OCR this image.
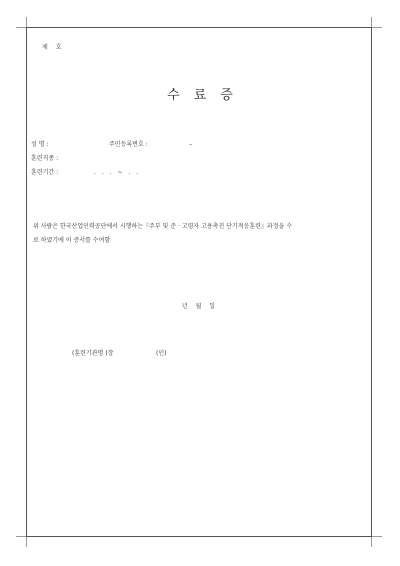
제 호
수료증
성 명 :	주민등록번호 :	–
훈련직종 :
훈련기간 :	. . . ~ . .
위 사람은 한국산업인력공단에서 시행하는『주부 및 준 · 고령자 고용촉진 단기적응훈련』과정을 수
료 하였기에 이 증서를 수여함
년 월 일
(훈련기관명 )장	(인)
